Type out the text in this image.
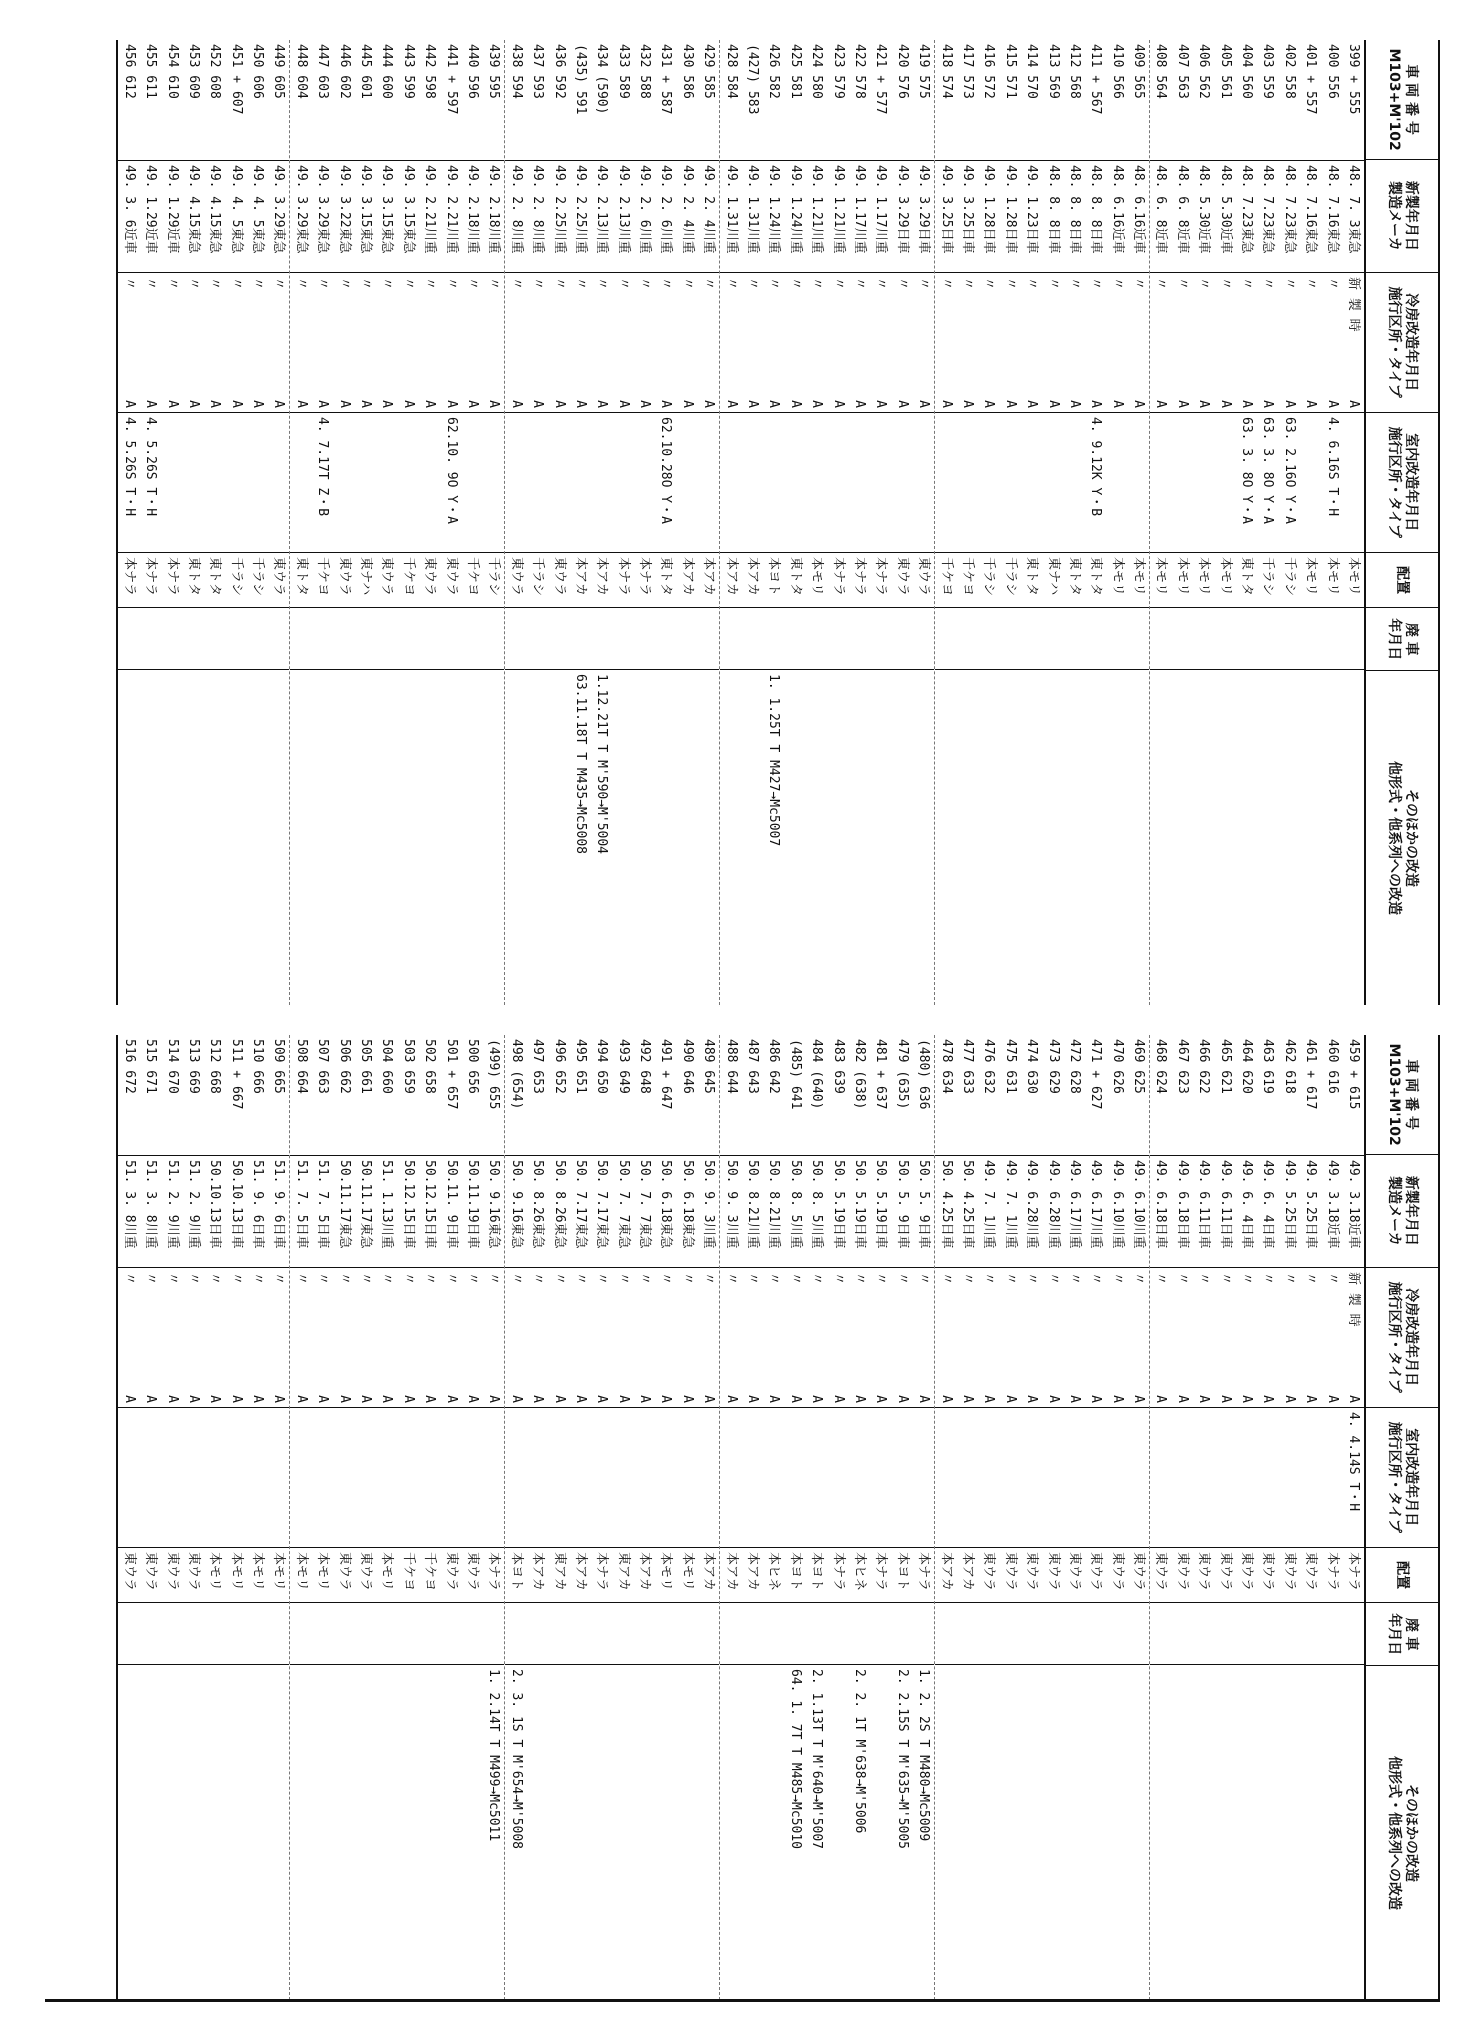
車 両 番 号
M103+M'102
新製年月日
製造メーカ
冷房改造年月日
施行区所・タイプ
室内改造年月日
施行区所・タイプ
配置
廃 車
年月日
そのほかの改造
他形式・他系列への改造
399 + 555
48. 7. 3東急
新 製 時
A
本モリ
400 556
48. 7.16東急
〃
A
4. 6.16S T・H
本モリ
401 + 557
48. 7.16東急
〃
A
本モリ
402 558
48. 7.23東急
〃
A
63. 2.16O Y・A
千ラシ
403 559
48. 7.23東急
〃
A
63. 3. 8O Y・A
千ラシ
404 560
48. 7.23東急
〃
A
63. 3. 8O Y・A
東トタ
405 561
48. 5.30近車
〃
A
本モリ
406 562
48. 5.30近車
〃
A
本モリ
407 563
48. 6. 8近車
〃
A
本モリ
408 564
48. 6. 8近車
〃
A
本モリ
409 565
48. 6.16近車
〃
A
本モリ
410 566
48. 6.16近車
〃
A
本モリ
411 + 567
48. 8. 8日車
〃
A
4. 9.12K Y・B
東トタ
412 568
48. 8. 8日車
〃
A
東トタ
413 569
48. 8. 8日車
〃
A
東ナハ
414 570
49. 1.23日車
〃
A
東トタ
415 571
49. 1.28日車
〃
A
千ラシ
416 572
49. 1.28日車
〃
A
千ラシ
417 573
49. 3.25日車
〃
A
千ケヨ
418 574
49. 3.25日車
〃
A
千ケヨ
419 575
49. 3.29日車
〃
A
東ウラ
420 576
49. 3.29日車
〃
A
東ウラ
421 + 577
49. 1.17川重
〃
A
本ナラ
422 578
49. 1.17川重
〃
A
本ナラ
423 579
49. 1.21川重
〃
A
本ナラ
424 580
49. 1.21川重
〃
A
本モリ
425 581
49. 1.24川重
〃
A
東トタ
426 582
49. 1.24川重
〃
A
本ヨト
1. 1.25T T M427→Mc5007
(427) 583
49. 1.31川重
〃
A
本アカ
428 584
49. 1.31川重
〃
A
本アカ
429 585
49. 2. 4川重
〃
A
本アカ
430 586
49. 2. 4川重
〃
A
本アカ
431 + 587
49. 2. 6川重
〃
A
62.10.28O Y・A
東トタ
432 588
49. 2. 6川重
〃
A
本ナラ
433 589
49. 2.13川重
〃
A
本ナラ
434 (590)
49. 2.13川重
〃
A
本アカ
1.12.21T T M'590→M'5004
(435) 591
49. 2.25川重
〃
A
本アカ
63.11.18T T M435→Mc5008
436 592
49. 2.25川重
〃
A
東ウラ
437 593
49. 2. 8川重
〃
A
千ラシ
438 594
49. 2. 8川重
〃
A
東ウラ
439 595
49. 2.18川重
〃
A
千ラシ
440 596
49. 2.18川重
〃
A
千ケヨ
441 + 597
49. 2.21川重
〃
A
62.10. 9O Y・A
東ウラ
442 598
49. 2.21川重
〃
A
東ウラ
443 599
49. 3.15東急
〃
A
千ケヨ
444 600
49. 3.15東急
〃
A
東ウラ
445 601
49. 3.15東急
〃
A
東ナハ
446 602
49. 3.22東急
〃
A
東ウラ
447 603
49. 3.29東急
〃
A
4. 7.17T Z・B
千ケヨ
448 604
49. 3.29東急
〃
A
東トタ
449 605
49. 3.29東急
〃
A
東ウラ
450 606
49. 4. 5東急
〃
A
千ラシ
451 + 607
49. 4. 5東急
〃
A
千ラシ
452 608
49. 4.15東急
〃
A
東トタ
453 609
49. 4.15東急
〃
A
東トタ
454 610
49. 1.29近車
〃
A
本ナラ
455 611
49. 1.29近車
〃
A
4. 5.26S T・H
本ナラ
456 612
49. 3. 6近車
〃
A
4. 5.26S T・H
本ナラ
車 両 番 号
M103+M'102
新製年月日
製造メーカ
冷房改造年月日
施行区所・タイプ
室内改造年月日
施行区所・タイプ
配置
廃 車
年月日
そのほかの改造
他形式・他系列への改造
459 + 615
49. 3.18近車
新 製 時
A
4. 4.14S T・H
本ナラ
460 616
49. 3.18近車
〃
A
本ナラ
461 + 617
49. 5.25日車
〃
A
東ウラ
462 618
49. 5.25日車
〃
A
東ウラ
463 619
49. 6. 4日車
〃
A
東ウラ
464 620
49. 6. 4日車
〃
A
東ウラ
465 621
49. 6.11日車
〃
A
東ウラ
466 622
49. 6.11日車
〃
A
東ウラ
467 623
49. 6.18日車
〃
A
東ウラ
468 624
49. 6.18日車
〃
A
東ウラ
469 625
49. 6.10川重
〃
A
東ウラ
470 626
49. 6.10川重
〃
A
東ウラ
471 + 627
49. 6.17川重
〃
A
東ウラ
472 628
49. 6.17川重
〃
A
東ウラ
473 629
49. 6.28川重
〃
A
東ウラ
474 630
49. 6.28川重
〃
A
東ウラ
475 631
49. 7. 1川重
〃
A
東ウラ
476 632
49. 7. 1川重
〃
A
東ウラ
477 633
50. 4.25日車
〃
A
本アカ
478 634
50. 4.25日車
〃
A
本アカ
(480) 636
50. 5. 9日車
〃
A
本ナラ
1. 2. 2S T M480→Mc5009
479 (635)
50. 5. 9日車
〃
A
本ヨト
2. 2.15S T M'635→M'5005
481 + 637
50. 5.19日車
〃
A
本ナラ
482 (638)
50. 5.19日車
〃
A
本ヒネ
2. 2. 1T M'638→M'5006
483 639
50. 5.19日車
〃
A
本ナラ
484 (640)
50. 8. 5川重
〃
A
本ヨト
2. 1.13T T M'640→M'5007
(485) 641
50. 8. 5川重
〃
A
本ヨト
64. 1. 7T T M485→Mc5010
486 642
50. 8.21川重
〃
A
本ヒネ
487 643
50. 8.21川重
〃
A
本アカ
488 644
50. 9. 3川重
〃
A
本アカ
489 645
50. 9. 3川重
〃
A
本アカ
490 646
50. 6.18東急
〃
A
本モリ
491 + 647
50. 6.18東急
〃
A
本モリ
492 648
50. 7. 7東急
〃
A
本アカ
493 649
50. 7. 7東急
〃
A
東アカ
494 650
50. 7.17東急
〃
A
本ナラ
495 651
50. 7.17東急
〃
A
本アカ
496 652
50. 8.26東急
〃
A
東アカ
497 653
50. 8.26東急
〃
A
本アカ
498 (654)
50. 9.16東急
〃
A
本ヨト
2. 3. 1S T M'654→M'5008
(499) 655
50. 9.16東急
〃
A
本ナラ
1. 2.14T T M499→Mc5011
500 656
50.11.19日車
〃
A
東ウラ
501 + 657
50.11. 9日車
〃
A
東ウラ
502 658
50.12.15日車
〃
A
千ケヨ
503 659
50.12.15日車
〃
A
千ケヨ
504 660
51. 1.13川重
〃
A
本モリ
505 661
50.11.17東急
〃
A
東ウラ
506 662
50.11.17東急
〃
A
東ウラ
507 663
51. 7. 5日車
〃
A
本モリ
508 664
51. 7. 5日車
〃
A
本モリ
509 665
51. 9. 6日車
〃
A
本モリ
510 666
51. 9. 6日車
〃
A
本モリ
511 + 667
50.10.13日車
〃
A
本モリ
512 668
50.10.13日車
〃
A
本モリ
513 669
51. 2. 9川重
〃
A
東ウラ
514 670
51. 2. 9川重
〃
A
東ウラ
515 671
51. 3. 8川重
〃
A
東ウラ
516 672
51. 3. 8川重
〃
A
東ウラ
